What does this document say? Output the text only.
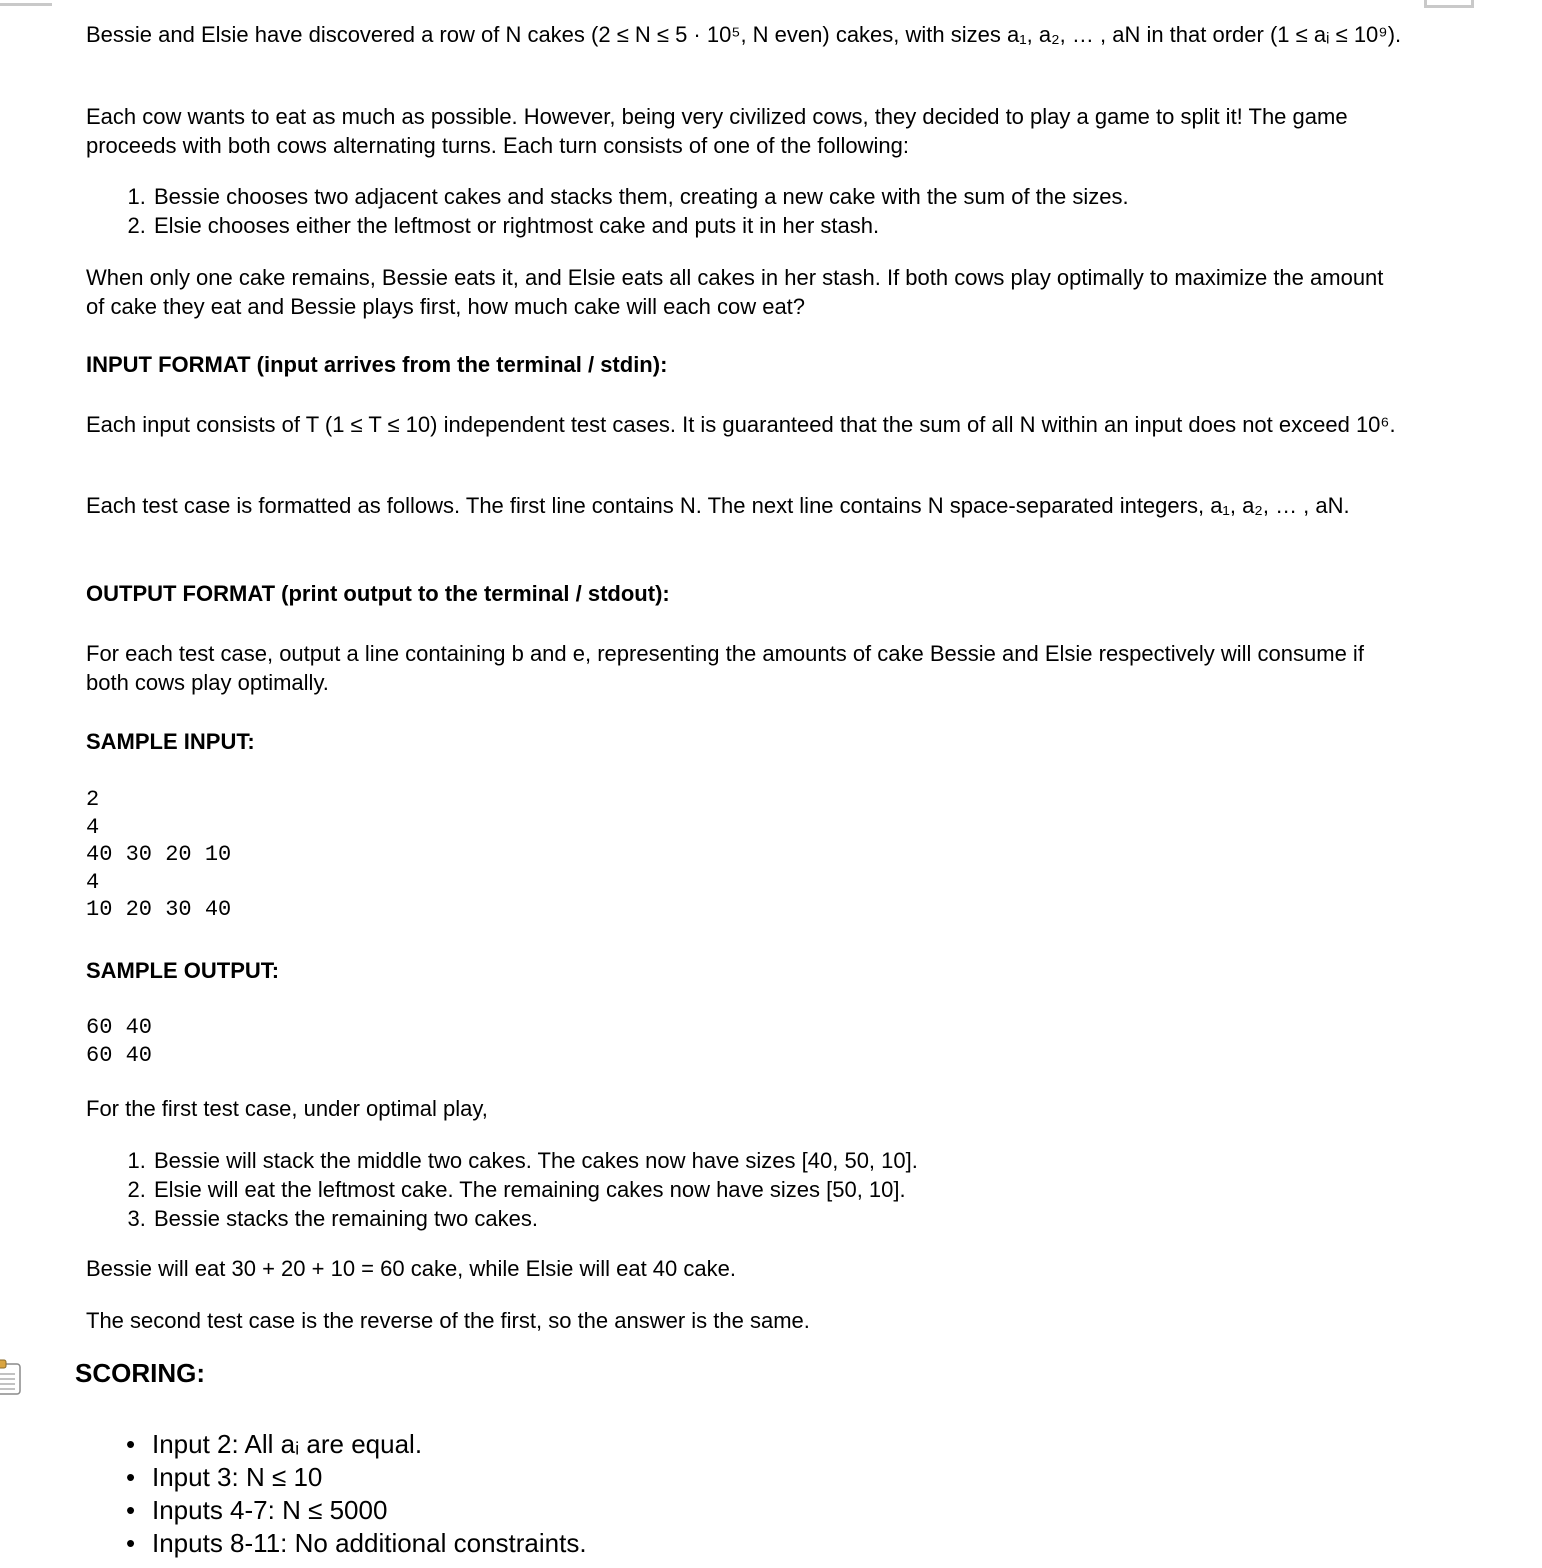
Bessie and Elsie have discovered a row of N cakes (2 ≤ N ≤ 5 · 10⁵, N even) cakes, with sizes a₁, a₂, … , aN in that order (1 ≤ aᵢ ≤ 10⁹).

Each cow wants to eat as much as possible. However, being very civilized cows, they decided to play a game to split it! The game proceeds with both cows alternating turns. Each turn consists of one of the following:

1. Bessie chooses two adjacent cakes and stacks them, creating a new cake with the sum of the sizes.
2. Elsie chooses either the leftmost or rightmost cake and puts it in her stash.

When only one cake remains, Bessie eats it, and Elsie eats all cakes in her stash. If both cows play optimally to maximize the amount of cake they eat and Bessie plays first, how much cake will each cow eat?

INPUT FORMAT (input arrives from the terminal / stdin):

Each input consists of T (1 ≤ T ≤ 10) independent test cases. It is guaranteed that the sum of all N within an input does not exceed 10⁶.

Each test case is formatted as follows. The first line contains N. The next line contains N space-separated integers, a₁, a₂, … , aN.

OUTPUT FORMAT (print output to the terminal / stdout):

For each test case, output a line containing b and e, representing the amounts of cake Bessie and Elsie respectively will consume if both cows play optimally.

SAMPLE INPUT:

2
4
40 30 20 10
4
10 20 30 40

SAMPLE OUTPUT:

60 40
60 40

For the first test case, under optimal play,

1. Bessie will stack the middle two cakes. The cakes now have sizes [40, 50, 10].
2. Elsie will eat the leftmost cake. The remaining cakes now have sizes [50, 10].
3. Bessie stacks the remaining two cakes.

Bessie will eat 30 + 20 + 10 = 60 cake, while Elsie will eat 40 cake.

The second test case is the reverse of the first, so the answer is the same.

SCORING:
• Input 2: All aᵢ are equal.
• Input 3: N ≤ 10
• Inputs 4-7: N ≤ 5000
• Inputs 8-11: No additional constraints.
